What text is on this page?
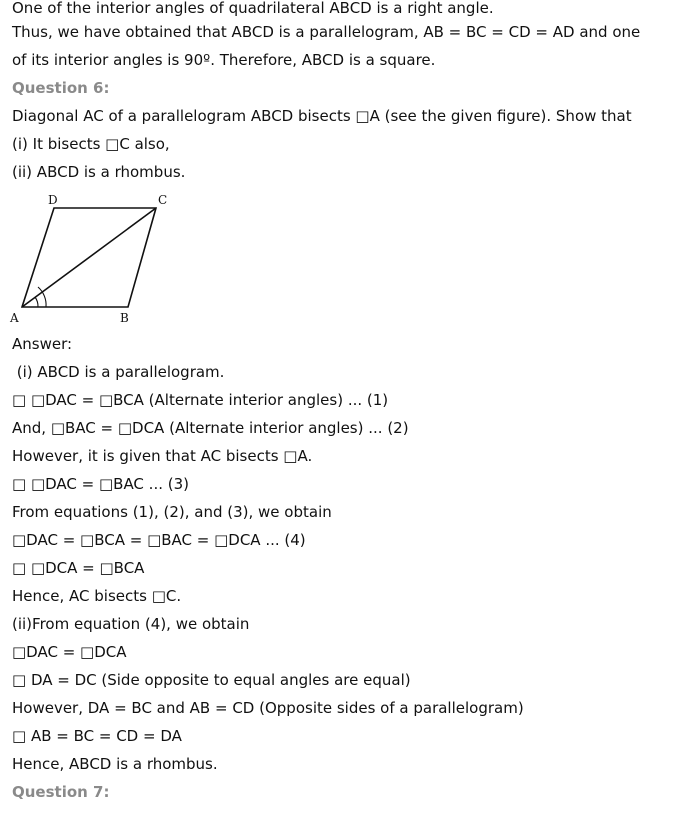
One of the interior angles of quadrilateral ABCD is a right angle.
Thus, we have obtained that ABCD is a parallelogram, AB = BC = CD = AD and one
of its interior angles is 90º. Therefore, ABCD is a square.
Question 6:
Diagonal AC of a parallelogram ABCD bisects □A (see the given figure). Show that
(i) It bisects □C also,
(ii) ABCD is a rhombus.
A	B
C
D
Answer:
(i) ABCD is a parallelogram.
□ □DAC = □BCA (Alternate interior angles) ... (1)
And, □BAC = □DCA (Alternate interior angles) ... (2)
However, it is given that AC bisects □A.
□ □DAC = □BAC ... (3)
From equations (1), (2), and (3), we obtain
□DAC = □BCA = □BAC = □DCA ... (4)
□ □DCA = □BCA
Hence, AC bisects □C.
(ii)From equation (4), we obtain
□DAC = □DCA
□ DA = DC (Side opposite to equal angles are equal)
However, DA = BC and AB = CD (Opposite sides of a parallelogram)
□ AB = BC = CD = DA
Hence, ABCD is a rhombus.
Question 7:
